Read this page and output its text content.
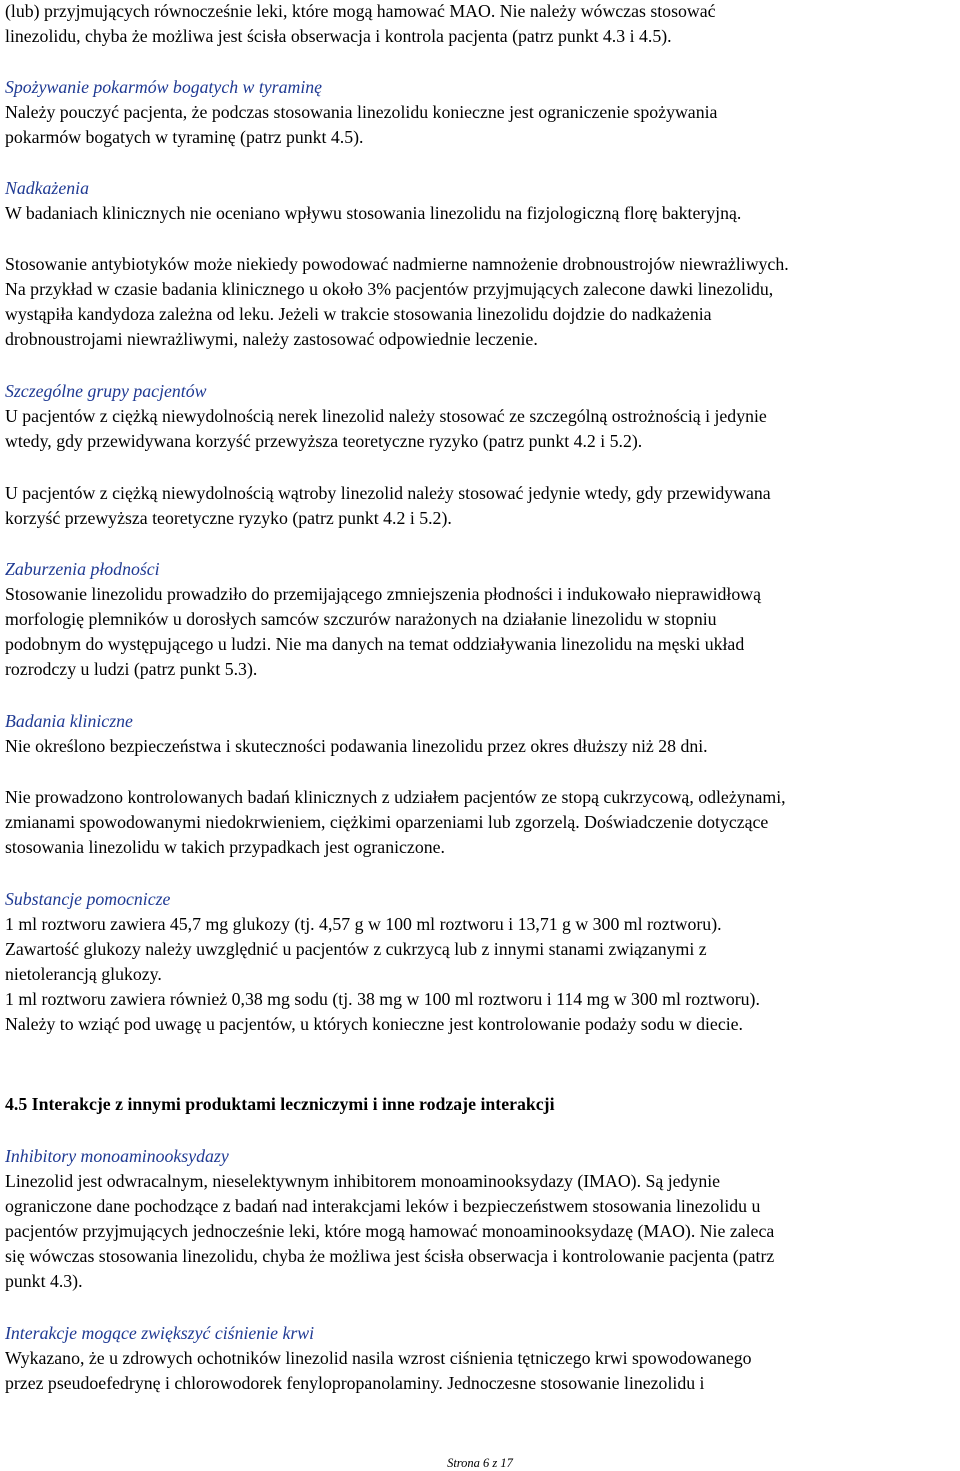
(lub) przyjmujących równocześnie leki, które mogą hamować MAO. Nie należy wówczas stosować

linezolidu, chyba że możliwa jest ścisła obserwacja i kontrola pacjenta (patrz punkt 4.3 i 4.5).

Spożywanie pokarmów bogatych w tyraminę

Należy pouczyć pacjenta, że podczas stosowania linezolidu konieczne jest ograniczenie spożywania

pokarmów bogatych w tyraminę (patrz punkt 4.5).

Nadkażenia

W badaniach klinicznych nie oceniano wpływu stosowania linezolidu na fizjologiczną florę bakteryjną.

Stosowanie antybiotyków może niekiedy powodować nadmierne namnożenie drobnoustrojów niewrażliwych.

Na przykład w czasie badania klinicznego u około 3% pacjentów przyjmujących zalecone dawki linezolidu,

wystąpiła kandydoza zależna od leku. Jeżeli w trakcie stosowania linezolidu dojdzie do nadkażenia

drobnoustrojami niewrażliwymi, należy zastosować odpowiednie leczenie.

Szczególne grupy pacjentów

U pacjentów z ciężką niewydolnością nerek linezolid należy stosować ze szczególną ostrożnością i jedynie

wtedy, gdy przewidywana korzyść przewyższa teoretyczne ryzyko (patrz punkt 4.2 i 5.2).

U pacjentów z ciężką niewydolnością wątroby linezolid należy stosować jedynie wtedy, gdy przewidywana

korzyść przewyższa teoretyczne ryzyko (patrz punkt 4.2 i 5.2).

Zaburzenia płodności

Stosowanie linezolidu prowadziło do przemijającego zmniejszenia płodności i indukowało nieprawidłową

morfologię plemników u dorosłych samców szczurów narażonych na działanie linezolidu w stopniu

podobnym do występującego u ludzi. Nie ma danych na temat oddziaływania linezolidu na męski układ

rozrodczy u ludzi (patrz punkt 5.3).

Badania kliniczne

Nie określono bezpieczeństwa i skuteczności podawania linezolidu przez okres dłuższy niż 28 dni.

Nie prowadzono kontrolowanych badań klinicznych z udziałem pacjentów ze stopą cukrzycową, odleżynami,

zmianami spowodowanymi niedokrwieniem, ciężkimi oparzeniami lub zgorzelą. Doświadczenie dotyczące

stosowania linezolidu w takich przypadkach jest ograniczone.

Substancje pomocnicze

1 ml roztworu zawiera 45,7 mg glukozy (tj. 4,57 g w 100 ml roztworu i 13,71 g w 300 ml roztworu).

Zawartość glukozy należy uwzględnić u pacjentów z cukrzycą lub z innymi stanami związanymi z

nietolerancją glukozy.

1 ml roztworu zawiera również 0,38 mg sodu (tj. 38 mg w 100 ml roztworu i 114 mg w 300 ml roztworu).

Należy to wziąć pod uwagę u pacjentów, u których konieczne jest kontrolowanie podaży sodu w diecie.

4.5 Interakcje z innymi produktami leczniczymi i inne rodzaje interakcji

Inhibitory monoaminooksydazy

Linezolid jest odwracalnym, nieselektywnym inhibitorem monoaminooksydazy (IMAO). Są jedynie

ograniczone dane pochodzące z badań nad interakcjami leków i bezpieczeństwem stosowania linezolidu u

pacjentów przyjmujących jednocześnie leki, które mogą hamować monoaminooksydazę (MAO). Nie zaleca

się wówczas stosowania linezolidu, chyba że możliwa jest ścisła obserwacja i kontrolowanie pacjenta (patrz

punkt 4.3).

Interakcje mogące zwiększyć ciśnienie krwi

Wykazano, że u zdrowych ochotników linezolid nasila wzrost ciśnienia tętniczego krwi spowodowanego

przez pseudoefedrynę i chlorowodorek fenylopropanolaminy. Jednoczesne stosowanie linezolidu i

Strona 6 z 17
